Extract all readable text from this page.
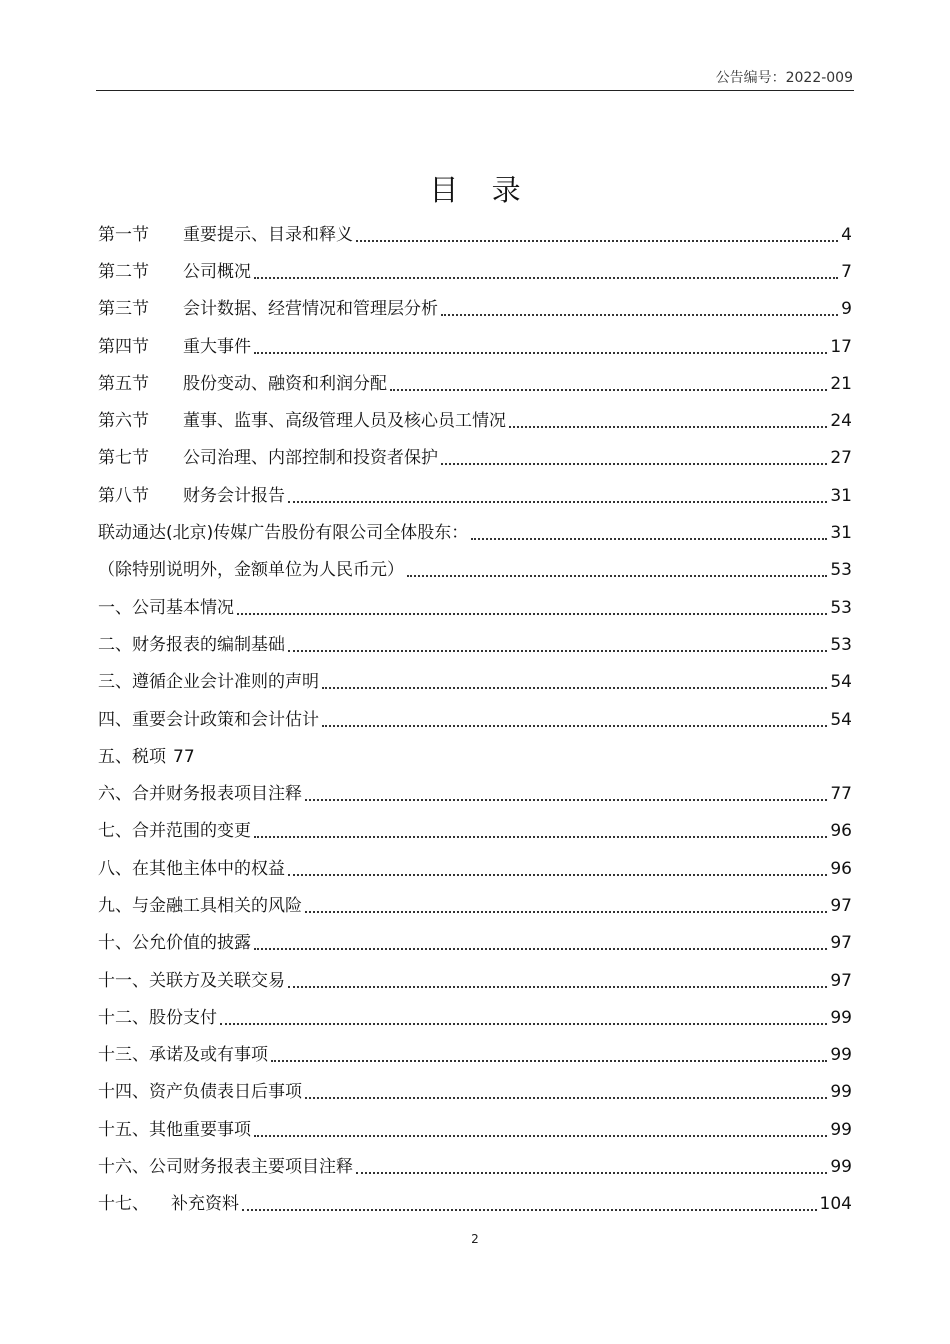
公告编号：2022-009
目 录
第一节	重要提示、目录和释义	4
第二节	公司概况	7
第三节	会计数据、经营情况和管理层分析	9
第四节	重大事件	17
第五节	股份变动、融资和利润分配	21
第六节	董事、监事、高级管理人员及核心员工情况	24
第七节	公司治理、内部控制和投资者保护	27
第八节	财务会计报告	31
联动通达(北京)传媒广告股份有限公司全体股东：	31
（除特别说明外，金额单位为人民币元）	53
一、公司基本情况	53
二、财务报表的编制基础	53
三、遵循企业会计准则的声明	54
四、重要会计政策和会计估计	54
五、税项 77
六、合并财务报表项目注释	77
七、合并范围的变更	96
八、在其他主体中的权益	96
九、与金融工具相关的风险	97
十、公允价值的披露	97
十一、关联方及关联交易	97
十二、股份支付	99
十三、承诺及或有事项	99
十四、资产负债表日后事项	99
十五、其他重要事项	99
十六、公司财务报表主要项目注释	99
十七、 补充资料	104
2
